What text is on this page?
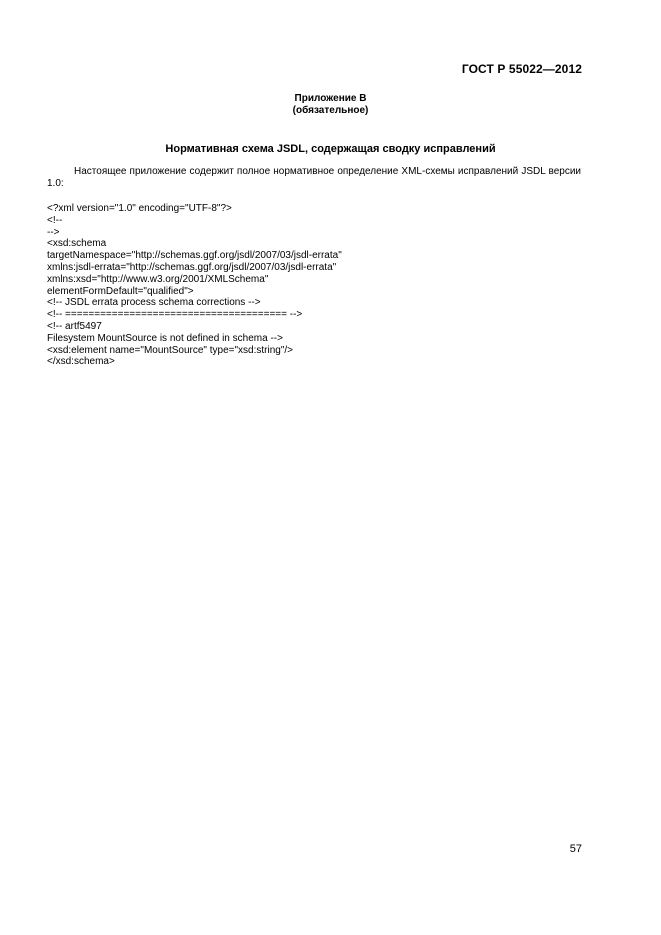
ГОСТ Р 55022—2012
Приложение В
(обязательное)
Нормативная схема JSDL, содержащая сводку исправлений
Настоящее приложение содержит полное нормативное определение XML-схемы исправлений JSDL версии 1.0:
<?xml version="1.0" encoding="UTF-8"?>
<!--
-->
<xsd:schema
targetNamespace="http://schemas.ggf.org/jsdl/2007/03/jsdl-errata"
xmlns:jsdl-errata="http://schemas.ggf.org/jsdl/2007/03/jsdl-errata"
xmlns:xsd="http://www.w3.org/2001/XMLSchema"
elementFormDefault="qualified">
<!-- JSDL errata process schema corrections -->
<!-- ====================================== -->
<!-- artf5497
Filesystem MountSource is not defined in schema -->
<xsd:element name="MountSource" type="xsd:string"/>
</xsd:schema>
57
